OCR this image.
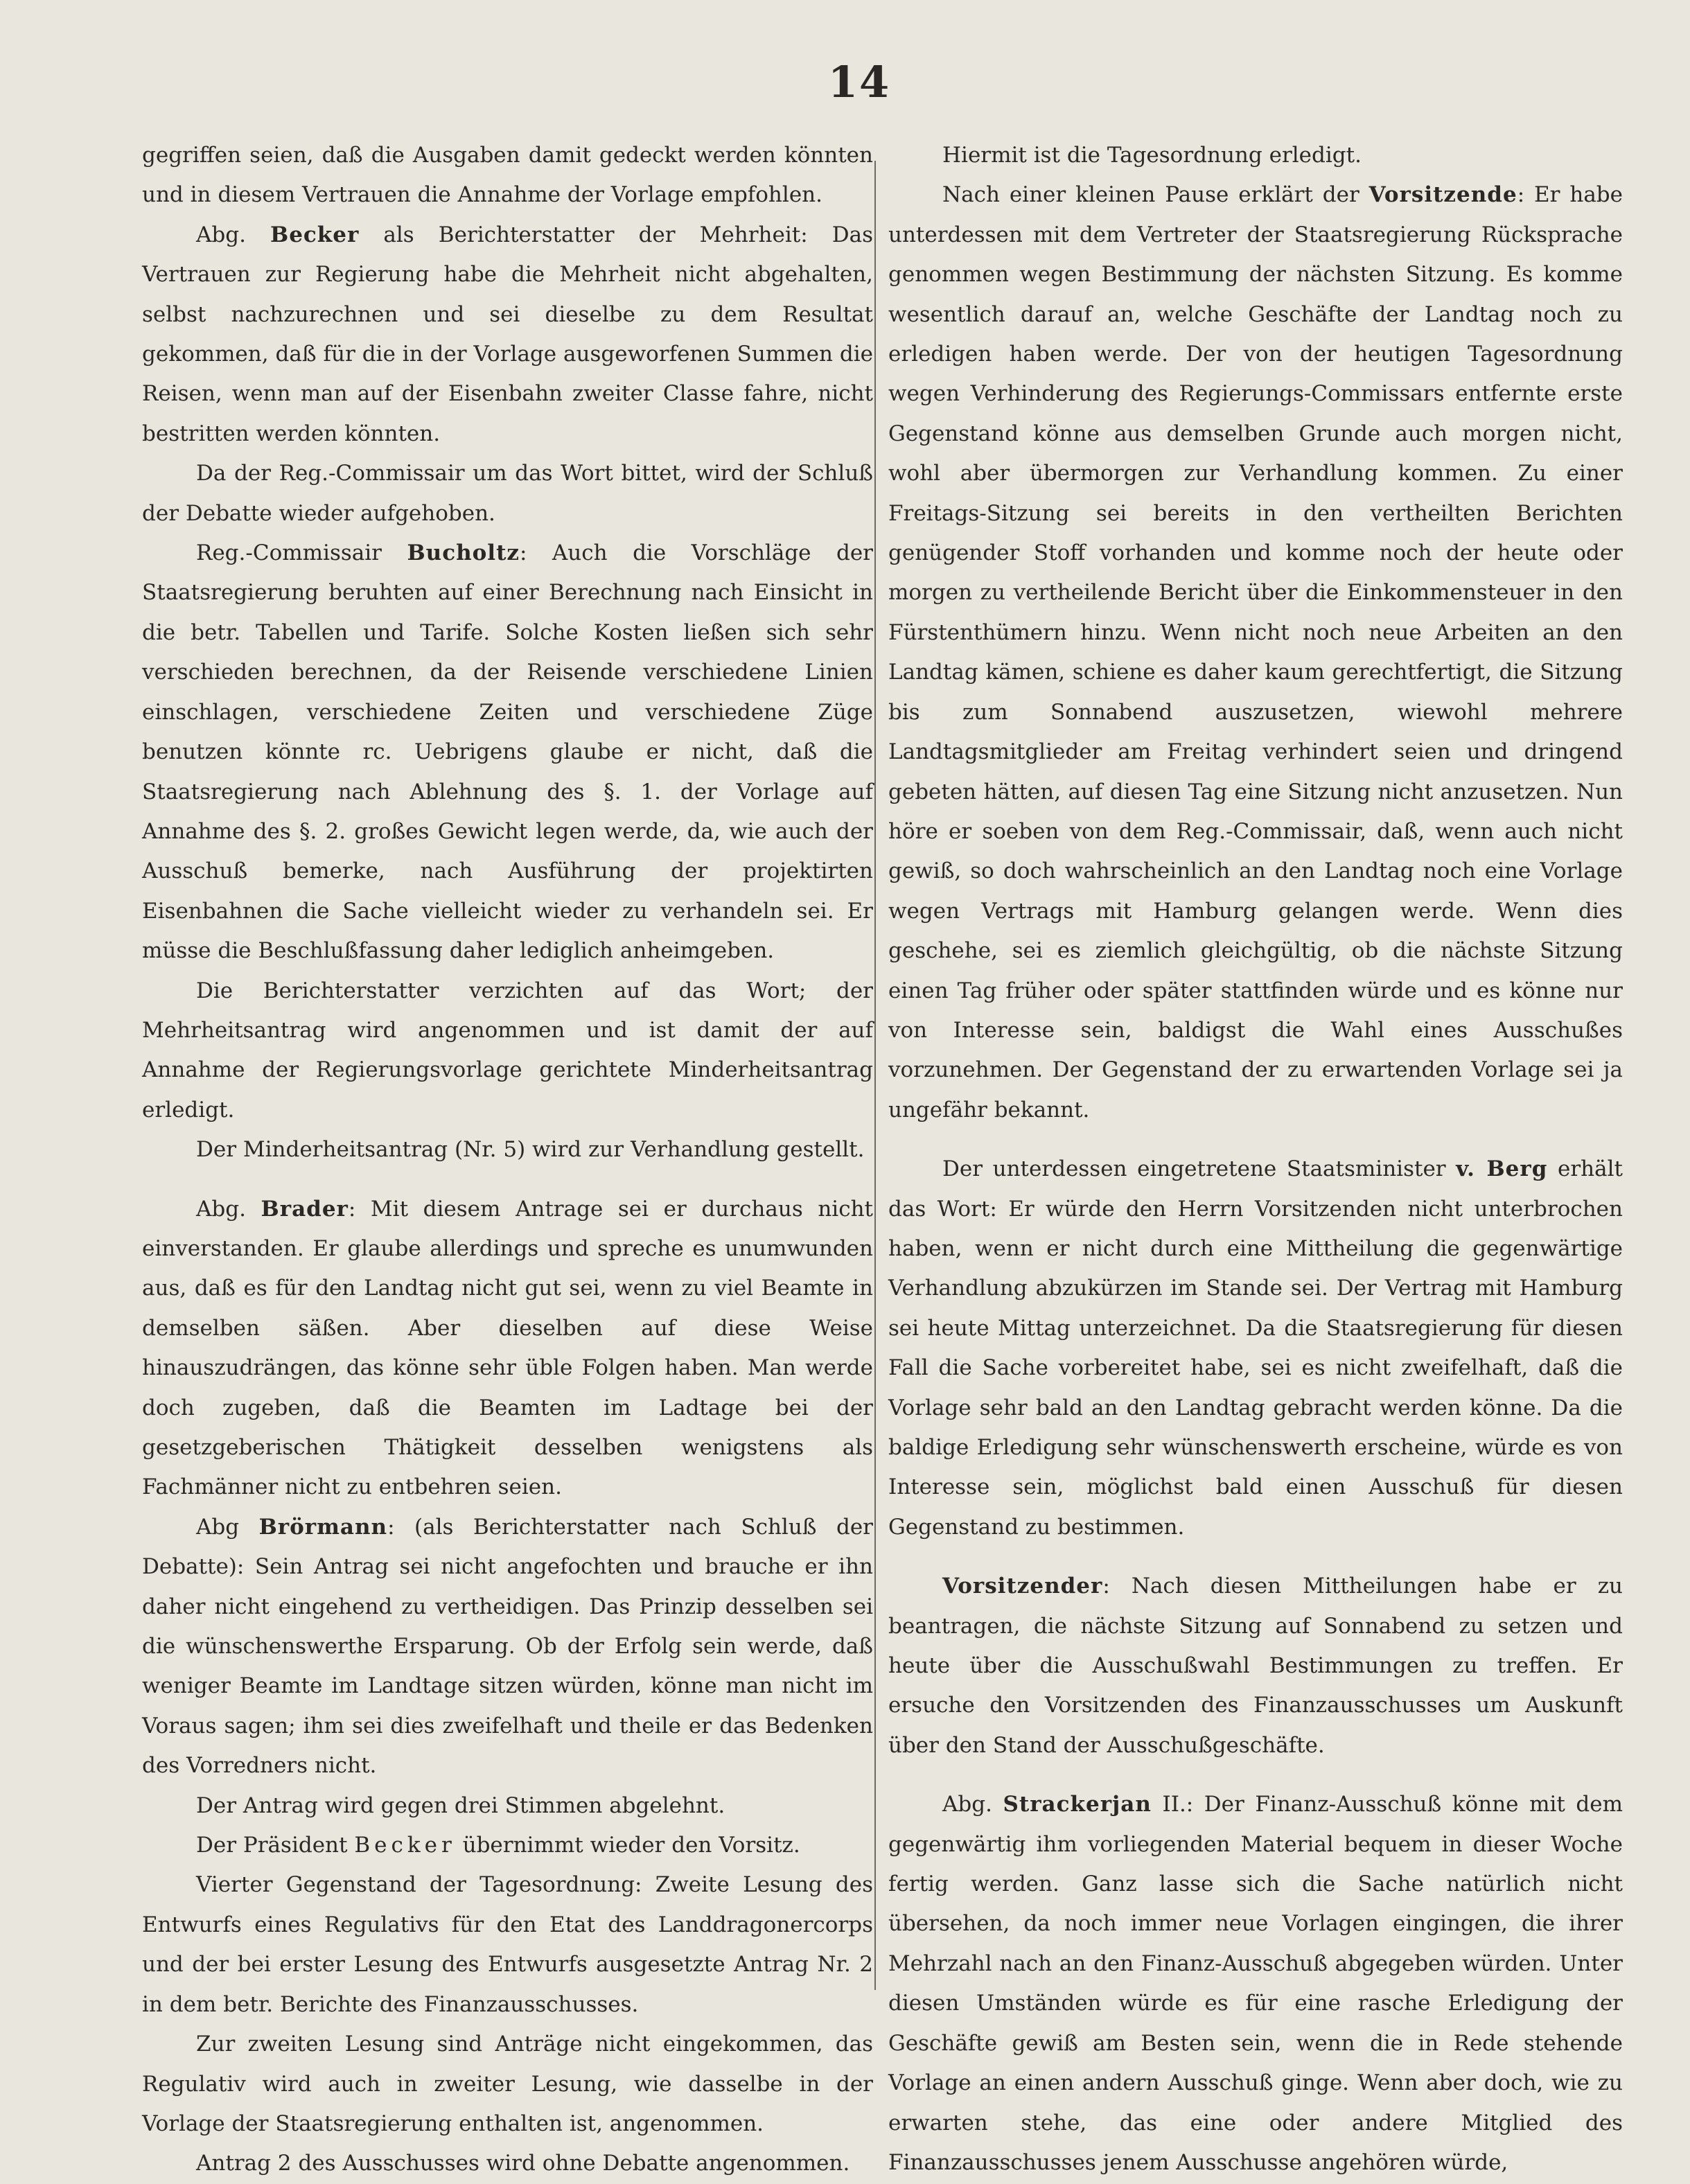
14

gegriffen seien, daß die Ausgaben damit gedeckt werden könnten und in diesem Vertrauen die Annahme der Vorlage empfohlen.

Abg. Becker als Berichterstatter der Mehrheit: Das Vertrauen zur Regierung habe die Mehrheit nicht abgehalten, selbst nachzurechnen und sei dieselbe zu dem Resultat gekommen, daß für die in der Vorlage ausgeworfenen Summen die Reisen, wenn man auf der Eisenbahn zweiter Classe fahre, nicht bestritten werden könnten.

Da der Reg.-Commissair um das Wort bittet, wird der Schluß der Debatte wieder aufgehoben.

Reg.-Commissair Bucholtz: Auch die Vorschläge der Staatsregierung beruhten auf einer Berechnung nach Einsicht in die betr. Tabellen und Tarife. Solche Kosten ließen sich sehr verschieden berechnen, da der Reisende verschiedene Linien einschlagen, verschiedene Zeiten und verschiedene Züge benutzen könnte rc. Uebrigens glaube er nicht, daß die Staatsregierung nach Ablehnung des §. 1. der Vorlage auf Annahme des §. 2. großes Gewicht legen werde, da, wie auch der Ausschuß bemerke, nach Ausführung der projektirten Eisenbahnen die Sache vielleicht wieder zu verhandeln sei. Er müsse die Beschlußfassung daher lediglich anheimgeben.

Die Berichterstatter verzichten auf das Wort; der Mehrheitsantrag wird angenommen und ist damit der auf Annahme der Regierungsvorlage gerichtete Minderheitsantrag erledigt.

Der Minderheitsantrag (Nr. 5) wird zur Verhandlung gestellt.

Abg. Brader: Mit diesem Antrage sei er durchaus nicht einverstanden. Er glaube allerdings und spreche es unumwunden aus, daß es für den Landtag nicht gut sei, wenn zu viel Beamte in demselben säßen. Aber dieselben auf diese Weise hinauszudrängen, das könne sehr üble Folgen haben. Man werde doch zugeben, daß die Beamten im Ladtage bei der gesetzgeberischen Thätigkeit desselben wenigstens als Fachmänner nicht zu entbehren seien.

Abg Brörmann: (als Berichterstatter nach Schluß der Debatte): Sein Antrag sei nicht angefochten und brauche er ihn daher nicht eingehend zu vertheidigen. Das Prinzip desselben sei die wünschenswerthe Ersparung. Ob der Erfolg sein werde, daß weniger Beamte im Landtage sitzen würden, könne man nicht im Voraus sagen; ihm sei dies zweifelhaft und theile er das Bedenken des Vorredners nicht.

Der Antrag wird gegen drei Stimmen abgelehnt.

Der Präsident Becker übernimmt wieder den Vorsitz.

Vierter Gegenstand der Tagesordnung: Zweite Lesung des Entwurfs eines Regulativs für den Etat des Landdragonercorps und der bei erster Lesung des Entwurfs ausgesetzte Antrag Nr. 2 in dem betr. Berichte des Finanzausschusses.

Zur zweiten Lesung sind Anträge nicht eingekommen, das Regulativ wird auch in zweiter Lesung, wie dasselbe in der Vorlage der Staatsregierung enthalten ist, angenommen.

Antrag 2 des Ausschusses wird ohne Debatte angenommen.

Hiermit ist die Tagesordnung erledigt.

Nach einer kleinen Pause erklärt der Vorsitzende: Er habe unterdessen mit dem Vertreter der Staatsregierung Rücksprache genommen wegen Bestimmung der nächsten Sitzung. Es komme wesentlich darauf an, welche Geschäfte der Landtag noch zu erledigen haben werde. Der von der heutigen Tagesordnung wegen Verhinderung des Regierungs-Commissars entfernte erste Gegenstand könne aus demselben Grunde auch morgen nicht, wohl aber übermorgen zur Verhandlung kommen. Zu einer Freitags-Sitzung sei bereits in den vertheilten Berichten genügender Stoff vorhanden und komme noch der heute oder morgen zu vertheilende Bericht über die Einkommensteuer in den Fürstenthümern hinzu. Wenn nicht noch neue Arbeiten an den Landtag kämen, schiene es daher kaum gerechtfertigt, die Sitzung bis zum Sonnabend auszusetzen, wiewohl mehrere Landtagsmitglieder am Freitag verhindert seien und dringend gebeten hätten, auf diesen Tag eine Sitzung nicht anzusetzen. Nun höre er soeben von dem Reg.-Commissair, daß, wenn auch nicht gewiß, so doch wahrscheinlich an den Landtag noch eine Vorlage wegen Vertrags mit Hamburg gelangen werde. Wenn dies geschehe, sei es ziemlich gleichgültig, ob die nächste Sitzung einen Tag früher oder später stattfinden würde und es könne nur von Interesse sein, baldigst die Wahl eines Ausschußes vorzunehmen. Der Gegenstand der zu erwartenden Vorlage sei ja ungefähr bekannt.

Der unterdessen eingetretene Staatsminister v. Berg erhält das Wort: Er würde den Herrn Vorsitzenden nicht unterbrochen haben, wenn er nicht durch eine Mittheilung die gegenwärtige Verhandlung abzukürzen im Stande sei. Der Vertrag mit Hamburg sei heute Mittag unterzeichnet. Da die Staatsregierung für diesen Fall die Sache vorbereitet habe, sei es nicht zweifelhaft, daß die Vorlage sehr bald an den Landtag gebracht werden könne. Da die baldige Erledigung sehr wünschenswerth erscheine, würde es von Interesse sein, möglichst bald einen Ausschuß für diesen Gegenstand zu bestimmen.

Vorsitzender: Nach diesen Mittheilungen habe er zu beantragen, die nächste Sitzung auf Sonnabend zu setzen und heute über die Ausschußwahl Bestimmungen zu treffen. Er ersuche den Vorsitzenden des Finanzausschusses um Auskunft über den Stand der Ausschußgeschäfte.

Abg. Strackerjan II.: Der Finanz-Ausschuß könne mit dem gegenwärtig ihm vorliegenden Material bequem in dieser Woche fertig werden. Ganz lasse sich die Sache natürlich nicht übersehen, da noch immer neue Vorlagen eingingen, die ihrer Mehrzahl nach an den Finanz-Ausschuß abgegeben würden. Unter diesen Umständen würde es für eine rasche Erledigung der Geschäfte gewiß am Besten sein, wenn die in Rede stehende Vorlage an einen andern Ausschuß ginge. Wenn aber doch, wie zu erwarten stehe, das eine oder andere Mitglied des Finanzausschusses jenem Ausschusse angehören würde,
